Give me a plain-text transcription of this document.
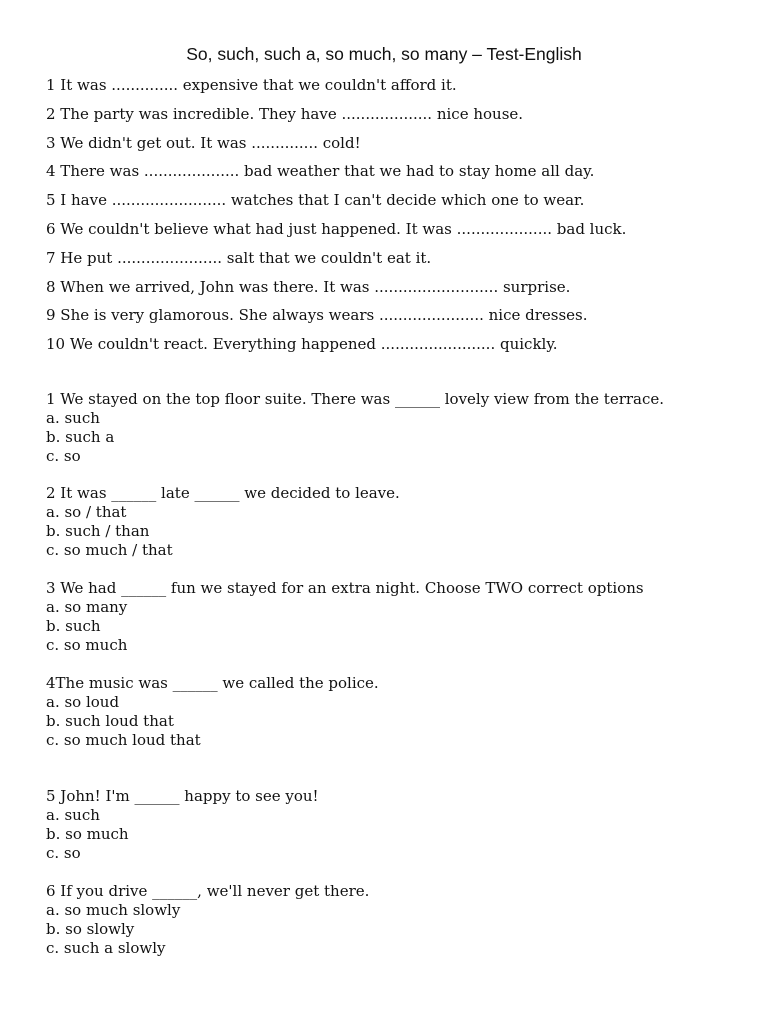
So, such, such a, so much, so many – Test-English
1 It was .............. expensive that we couldn't afford it.
2 The party was incredible. They have ................... nice house.
3 We didn't get out. It was .............. cold!
4 There was .................... bad weather that we had to stay home all day.
5 I have ........................ watches that I can't decide which one to wear.
6 We couldn't believe what had just happened. It was .................... bad luck.
7 He put ...................... salt that we couldn't eat it.
8 When we arrived, John was there. It was .......................... surprise.
9 She is very glamorous. She always wears ...................... nice dresses.
10 We couldn't react. Everything happened ........................ quickly.
1 We stayed on the top floor suite. There was ______ lovely view from the terrace.
a. such
b. such a
c. so
2 It was ______ late ______ we decided to leave.
a. so / that
b. such / than
c. so much / that
3 We had ______ fun we stayed for an extra night. Choose TWO correct options
a. so many
b. such
c. so much
4The music was ______ we called the police.
a. so loud
b. such loud that
c. so much loud that
5 John! I'm ______ happy to see you!
a. such
b. so much
c. so
6 If you drive ______, we'll never get there.
a. so much slowly
b. so slowly
c. such a slowly
